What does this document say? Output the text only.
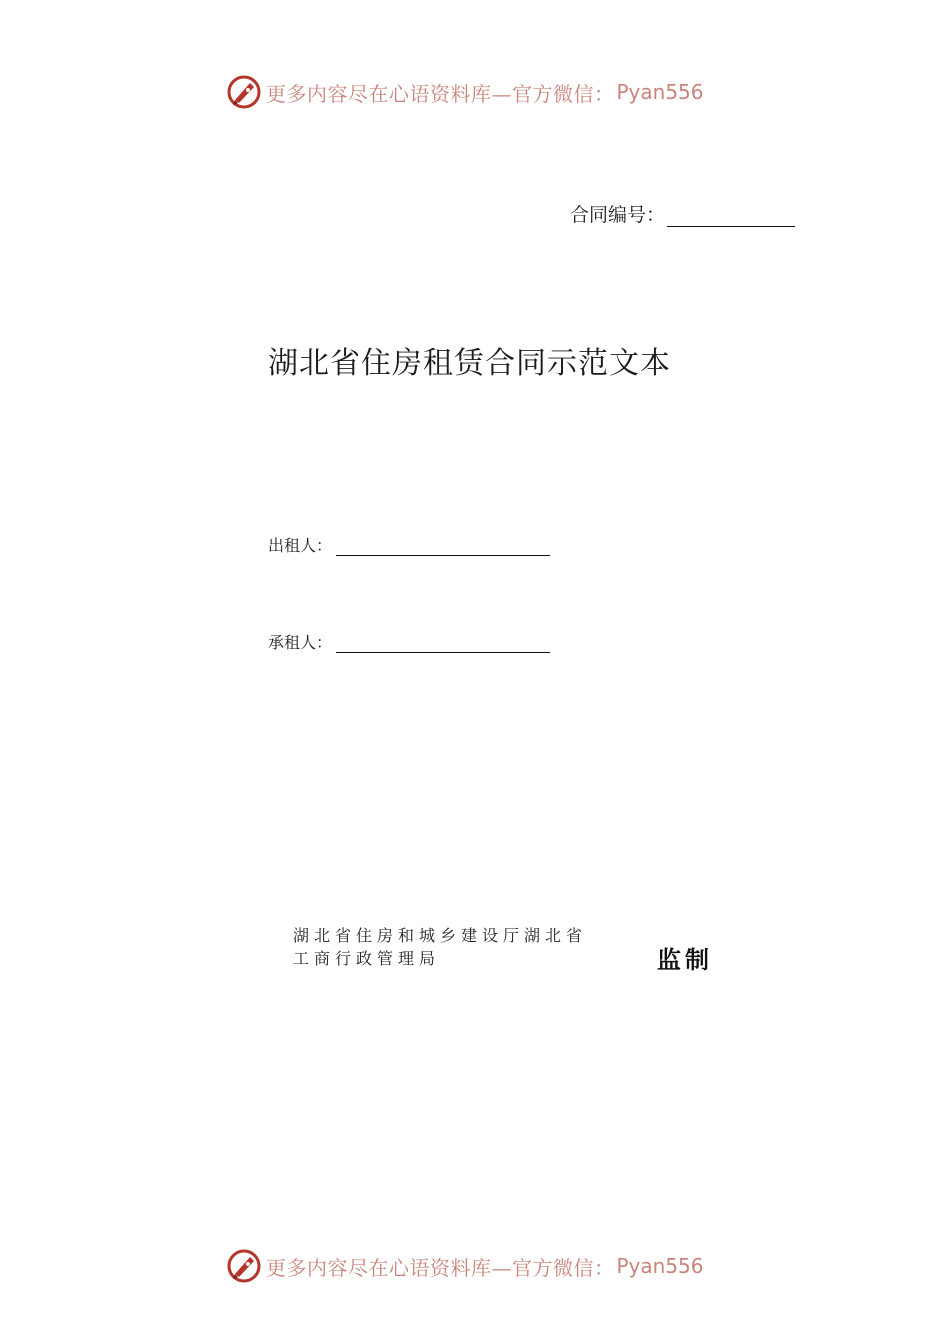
更多内容尽在心语资料库—官方微信： Pyan556
合同编号：
湖北省住房租赁合同示范文本
出租人：
承租人：
湖北省住房和城乡建设厅湖北省
工商行政管理局	监制
更多内容尽在心语资料库—官方微信： Pyan556
